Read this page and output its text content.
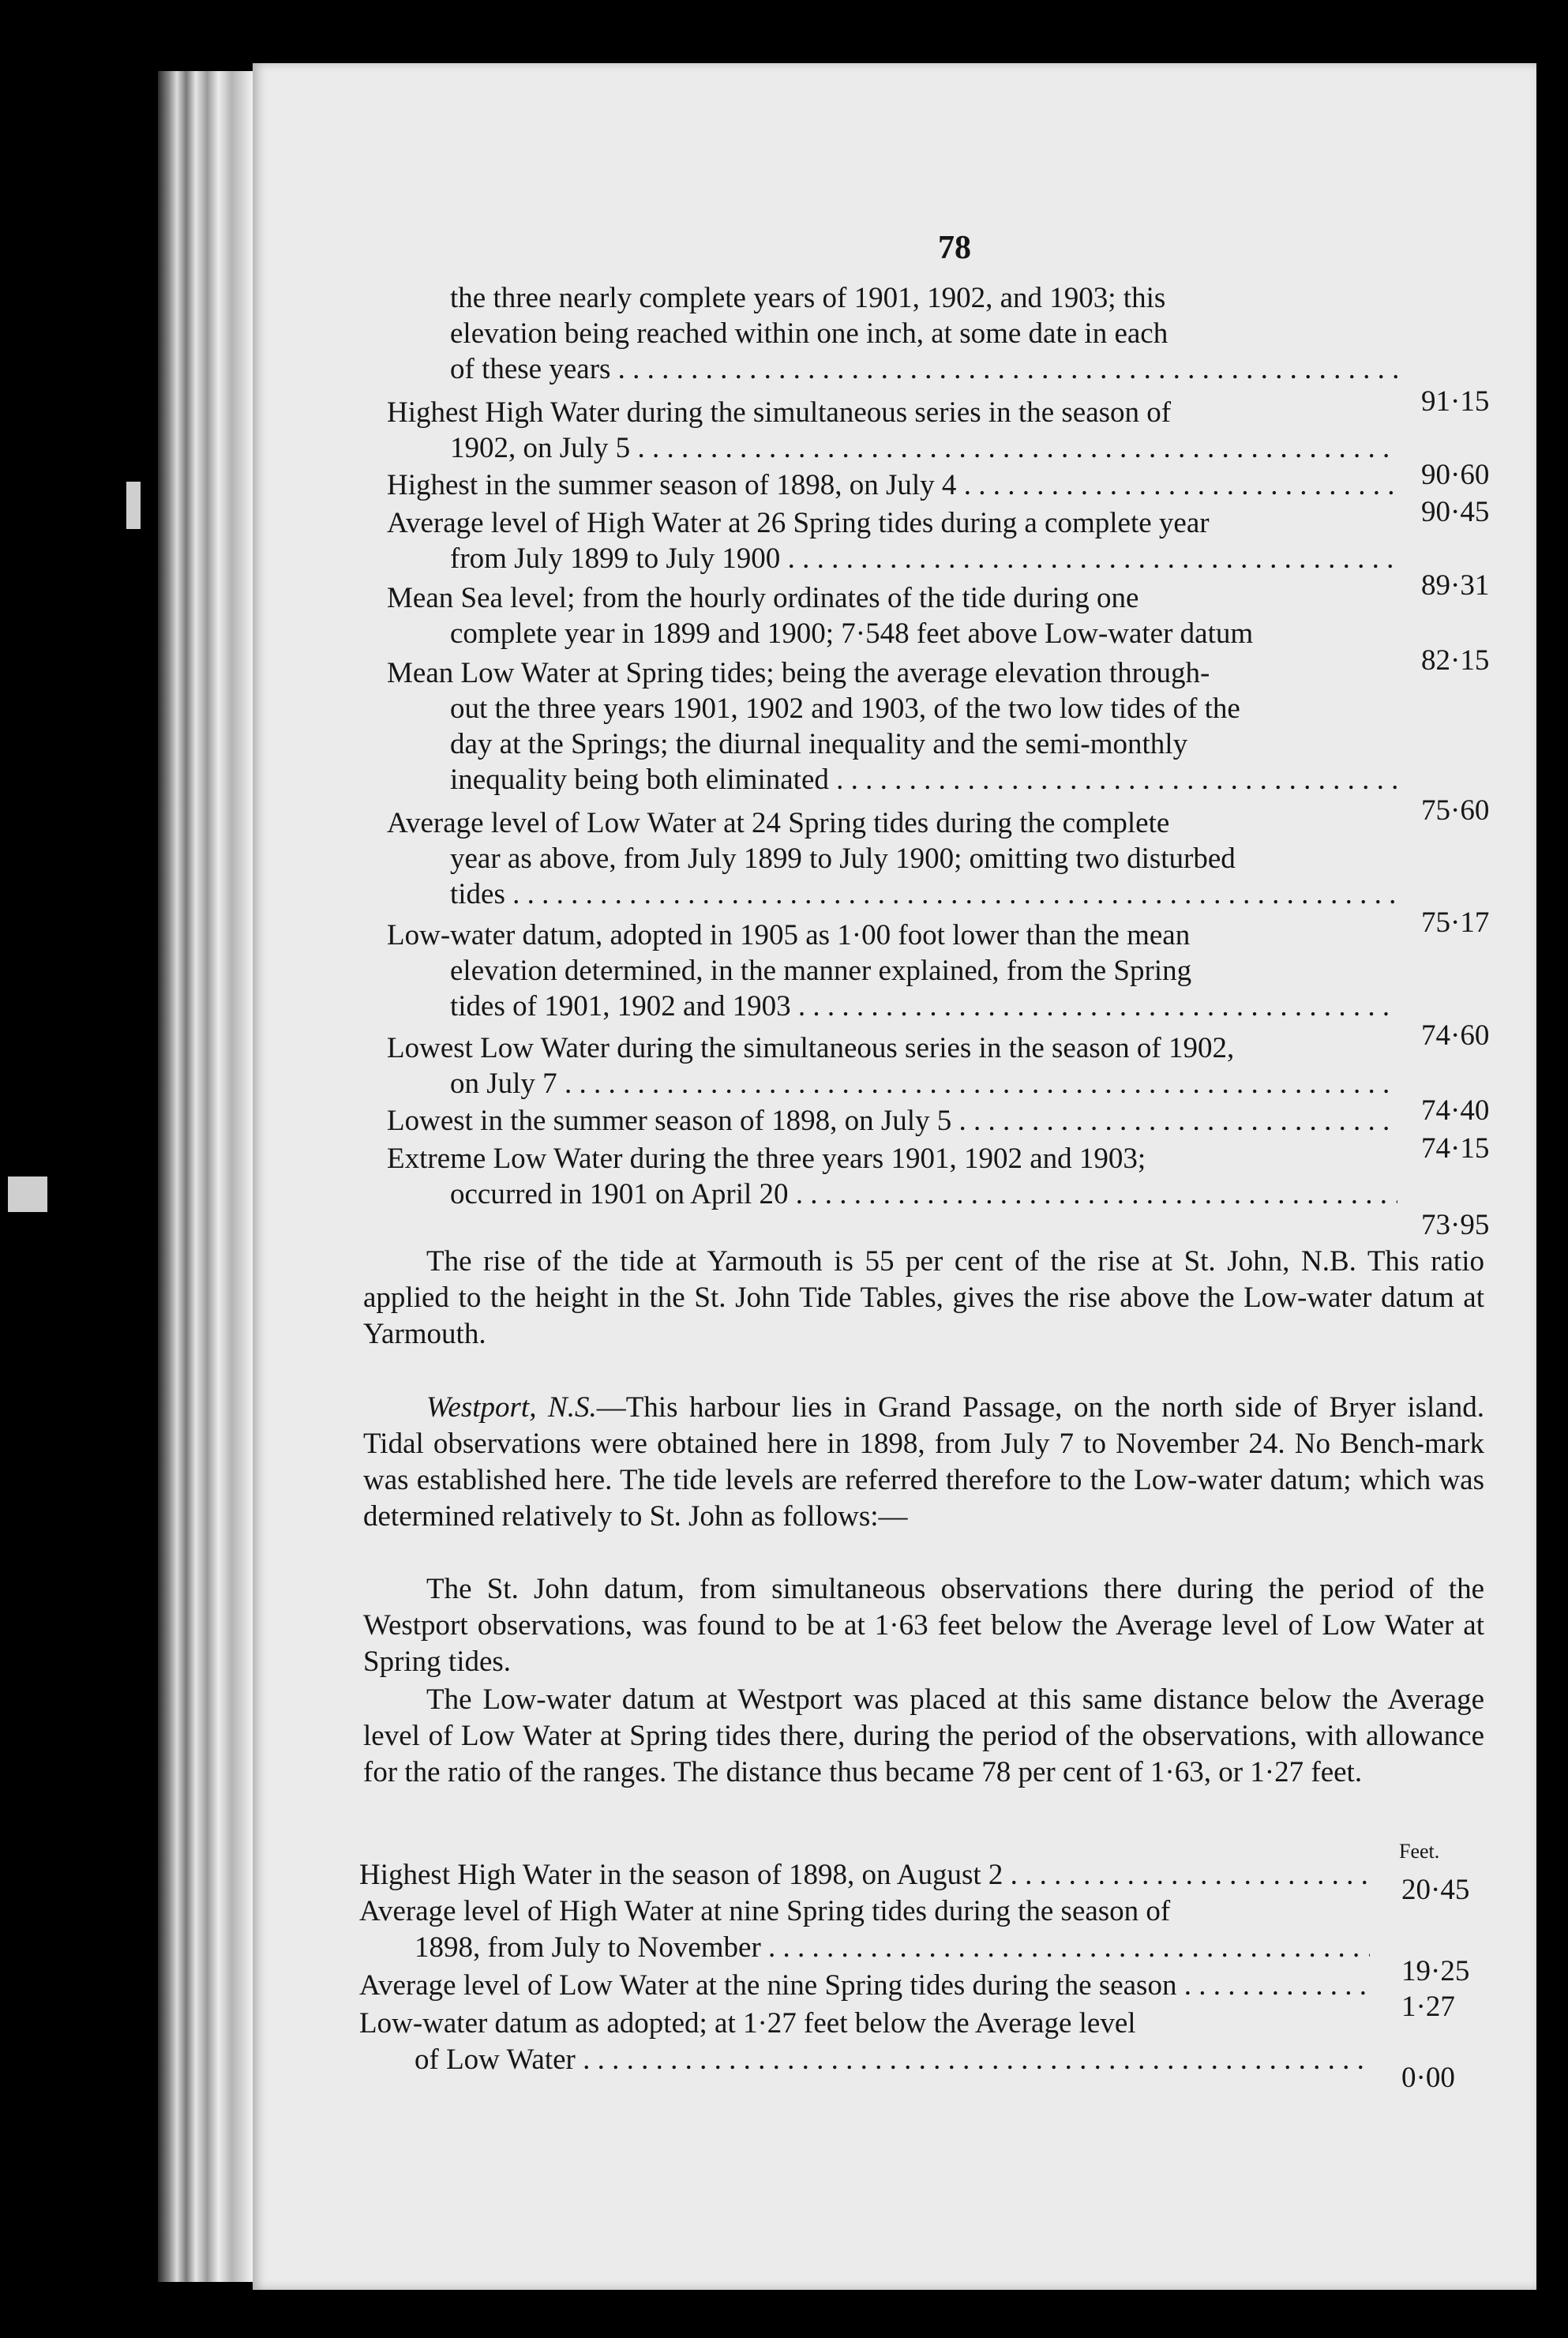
78
the three nearly complete years of 1901, 1902, and 1903; this
elevation being reached within one inch, at some date in each
of these years . . .
91·15
Highest High Water during the simultaneous series in the season of
1902, on July 5 . . .
90·60
Highest in the summer season of 1898, on July 4 . . .
90·45
Average level of High Water at 26 Spring tides during a complete year
from July 1899 to July 1900 . . .
89·31
Mean Sea level; from the hourly ordinates of the tide during one
complete year in 1899 and 1900; 7·548 feet above Low-water datum
82·15
Mean Low Water at Spring tides; being the average elevation through-
out the three years 1901, 1902 and 1903, of the two low tides of the
day at the Springs; the diurnal inequality and the semi-monthly
inequality being both eliminated . . .
75·60
Average level of Low Water at 24 Spring tides during the complete
year as above, from July 1899 to July 1900; omitting two disturbed
tides . . .
75·17
Low-water datum, adopted in 1905 as 1·00 foot lower than the mean
elevation determined, in the manner explained, from the Spring
tides of 1901, 1902 and 1903 . . .
74·60
Lowest Low Water during the simultaneous series in the season of 1902,
on July 7 . . .
74·40
Lowest in the summer season of 1898, on July 5 . . .
74·15
Extreme Low Water during the three years 1901, 1902 and 1903;
occurred in 1901 on April 20 . . .
73·95
The rise of the tide at Yarmouth is 55 per cent of the rise at St. John, N.B. This ratio applied to the height in the St. John Tide Tables, gives the rise above the Low-water datum at Yarmouth.
Westport, N.S.—This harbour lies in Grand Passage, on the north side of Bryer island. Tidal observations were obtained here in 1898, from July 7 to November 24. No Bench-mark was established here. The tide levels are referred therefore to the Low-water datum; which was determined relatively to St. John as follows:—
The St. John datum, from simultaneous observations there during the period of the Westport observations, was found to be at 1·63 feet below the Average level of Low Water at Spring tides.
The Low-water datum at Westport was placed at this same distance below the Average level of Low Water at Spring tides there, during the period of the observations, with allowance for the ratio of the ranges. The distance thus became 78 per cent of 1·63, or 1·27 feet.
Feet.
Highest High Water in the season of 1898, on August 2 . . .	20·45
Average level of High Water at nine Spring tides during the season of
1898, from July to November . . .
19·25
Average level of Low Water at the nine Spring tides during the season . . .
1·27
Low-water datum as adopted; at 1·27 feet below the Average level
of Low Water . . .
0·00
